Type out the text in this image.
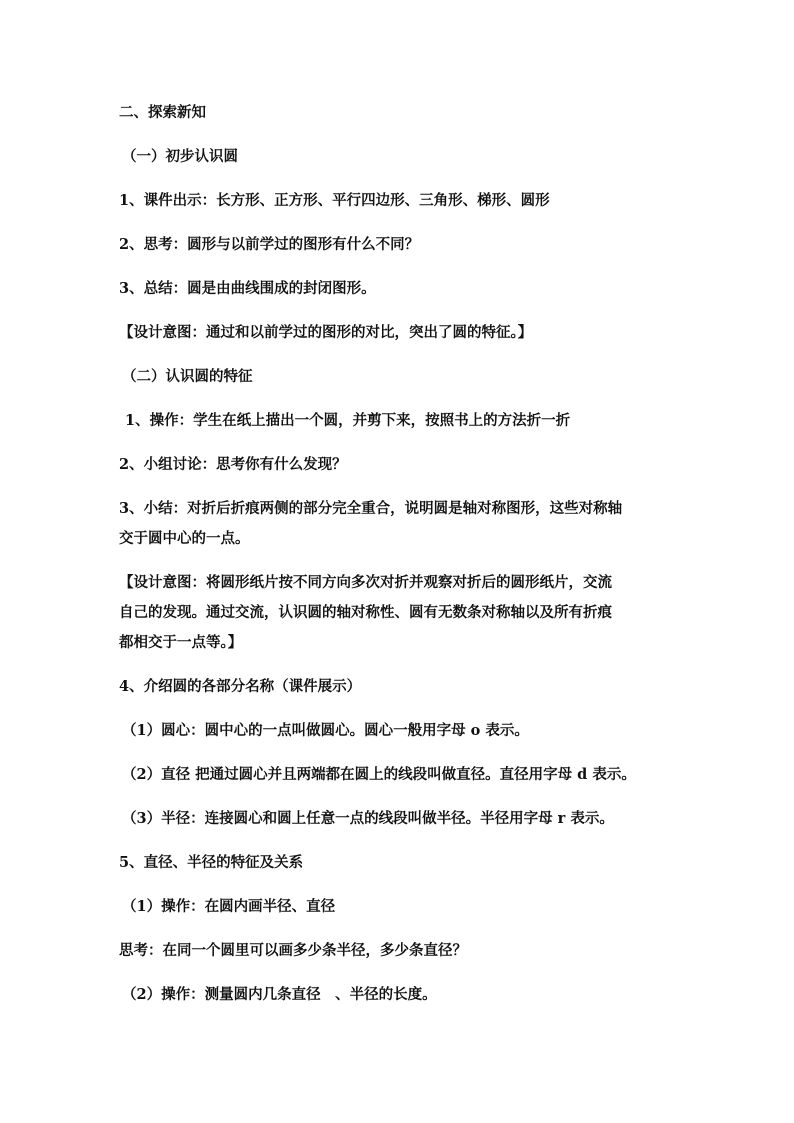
二、探索新知
（一）初步认识圆
1、课件出示：长方形、正方形、平行四边形、三角形、梯形、圆形
2、思考：圆形与以前学过的图形有什么不同？
3、总结：圆是由曲线围成的封闭图形。
【设计意图：通过和以前学过的图形的对比，突出了圆的特征。】
（二）认识圆的特征
1、操作：学生在纸上描出一个圆，并剪下来，按照书上的方法折一折
2、小组讨论：思考你有什么发现？
3、小结：对折后折痕两侧的部分完全重合，说明圆是轴对称图形，这些对称轴
交于圆中心的一点。
【设计意图：将圆形纸片按不同方向多次对折并观察对折后的圆形纸片，交流
自己的发现。通过交流，认识圆的轴对称性、圆有无数条对称轴以及所有折痕
都相交于一点等。】
4、介绍圆的各部分名称（课件展示）
（1）圆心：圆中心的一点叫做圆心。圆心一般用字母 o 表示。
（2）直径 把通过圆心并且两端都在圆上的线段叫做直径。直径用字母 d 表示。
（3）半径：连接圆心和圆上任意一点的线段叫做半径。半径用字母 r 表示。
5、直径、半径的特征及关系
（1）操作：在圆内画半径、直径
思考：在同一个圆里可以画多少条半径，多少条直径？
（2）操作：测量圆内几条直径　、半径的长度。
